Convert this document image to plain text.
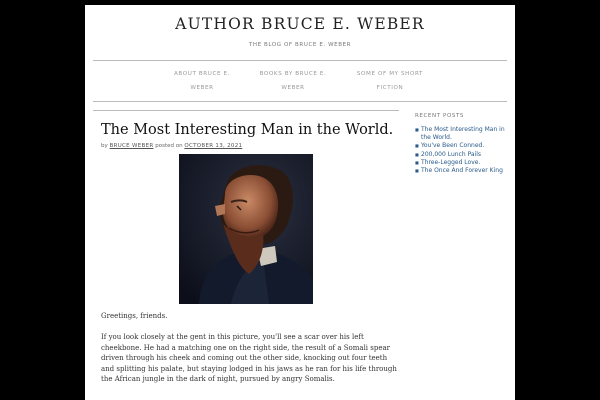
AUTHOR BRUCE E. WEBER
THE BLOG OF BRUCE E. WEBER
ABOUT BRUCE E.
WEBER
BOOKS BY BRUCE E.
WEBER
SOME OF MY SHORT
FICTION
The Most Interesting Man in the World.
by BRUCE WEBER posted on OCTOBER 13, 2021

Greetings, friends.

If you look closely at the gent in this picture, you'll see a scar over his left cheekbone. He had a matching one on the right side, the result of a Somali spear driven through his cheek and coming out the other side, knocking out four teeth and splitting his palate, but staying lodged in his jaws as he ran for his life through the African jungle in the dark of night, pursued by angry Somalis.

RECENT POSTS
■ The Most Interesting Man in the World.
■ You've Been Conned.
■ 200,000 Lunch Pails
■ Three-Legged Love.
■ The Once And Forever King
